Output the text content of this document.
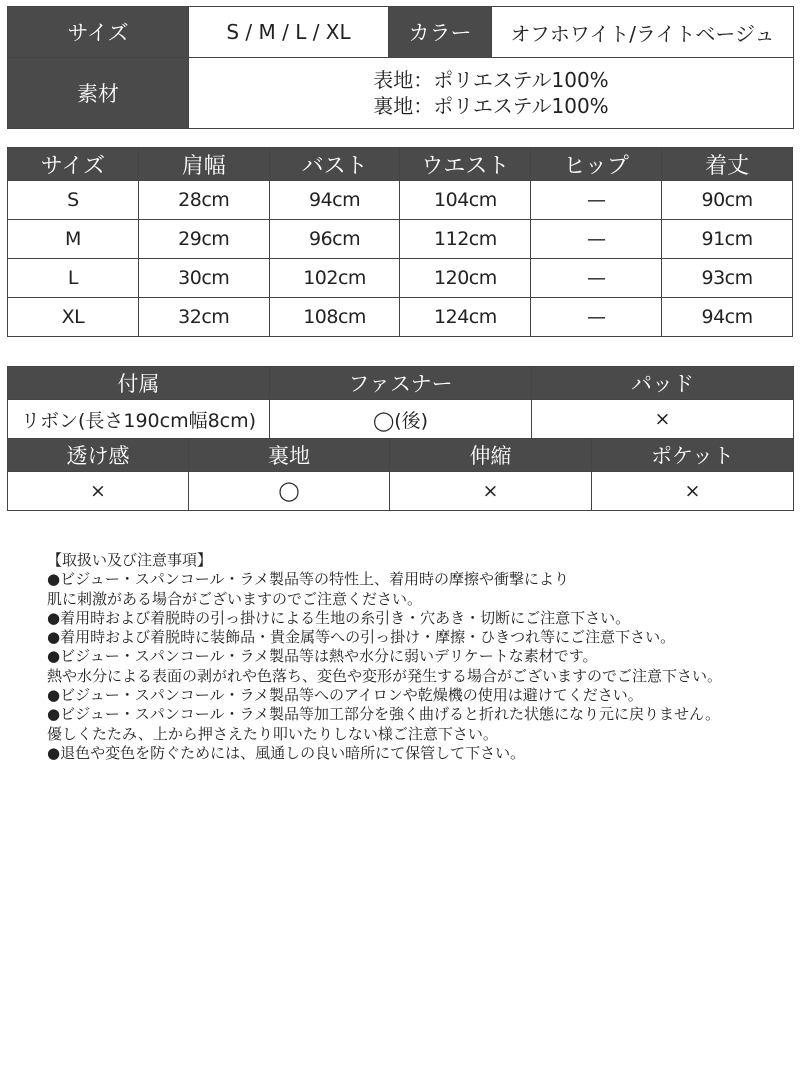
サイズ	S / M / L / XL	カラー	オフホワイト/ライトベージュ
素材	表地：ポリエステル100%
裏地：ポリエステル100%		
サイズ	肩幅	バスト	ウエスト	ヒップ	着丈
S	28cm	94cm	104cm	—	90cm
M	29cm	96cm	112cm	—	91cm
L	30cm	102cm	120cm	—	93cm
XL	32cm	108cm	124cm	—	94cm
付属	ファスナー	パッド
リボン(長さ190cm幅8cm)	◯(後)	×
透け感	裏地	伸縮	ポケット
×	◯	×	×
【取扱い及び注意事項】
●ビジュー・スパンコール・ラメ製品等の特性上、着用時の摩擦や衝撃により
肌に刺激がある場合がございますのでご注意ください。
●着用時および着脱時の引っ掛けによる生地の糸引き・穴あき・切断にご注意下さい。
●着用時および着脱時に装飾品・貴金属等への引っ掛け・摩擦・ひきつれ等にご注意下さい。
●ビジュー・スパンコール・ラメ製品等は熱や水分に弱いデリケートな素材です。
熱や水分による表面の剥がれや色落ち、変色や変形が発生する場合がございますのでご注意下さい。
●ビジュー・スパンコール・ラメ製品等へのアイロンや乾燥機の使用は避けてください。
●ビジュー・スパンコール・ラメ製品等加工部分を強く曲げると折れた状態になり元に戻りません。
優しくたたみ、上から押さえたり叩いたりしない様ご注意下さい。
●退色や変色を防ぐためには、風通しの良い暗所にて保管して下さい。
